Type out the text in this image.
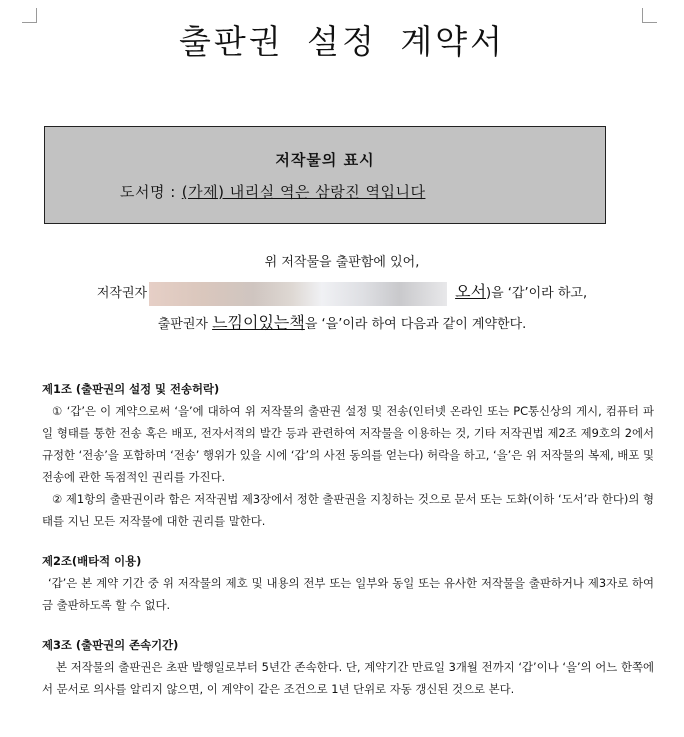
출판권 설정 계약서
저작물의 표시
도서명 : (가제) 내리실 역은 삼랑진 역입니다
위 저작물을 출판함에 있어,
저작권자	오서)을 ‘갑’이라 하고,
출판권자 느낌이있는책을 ‘을’이라 하여 다음과 같이 계약한다.
제1조 (출판권의 설정 및 전송허락)
① ‘갑’은 이 계약으로써 ‘을’에 대하여 위 저작물의 출판권 설정 및 전송(인터넷 온라인 또는 PC통신상의 게시, 컴퓨터 파일 형태를 통한 전송 혹은 배포, 전자서적의 발간 등과 관련하여 저작물을 이용하는 것, 기타 저작권법 제2조 제9호의 2에서 규정한 ‘전송’을 포함하며 ‘전송’ 행위가 있을 시에 ‘갑’의 사전 동의를 얻는다) 허락을 하고, ‘을’은 위 저작물의 복제, 배포 및 전송에 관한 독점적인 권리를 가진다.
② 제1항의 출판권이라 함은 저작권법 제3장에서 정한 출판권을 지칭하는 것으로 문서 또는 도화(이하 ‘도서’라 한다)의 형태를 지닌 모든 저작물에 대한 권리를 말한다.
제2조(배타적 이용)
‘갑’은 본 계약 기간 중 위 저작물의 제호 및 내용의 전부 또는 일부와 동일 또는 유사한 저작물을 출판하거나 제3자로 하여금 출판하도록 할 수 없다.
제3조 (출판권의 존속기간)
본 저작물의 출판권은 초판 발행일로부터 5년간 존속한다. 단, 계약기간 만료일 3개월 전까지 ‘갑’이나 ‘을’의 어느 한쪽에서 문서로 의사를 알리지 않으면, 이 계약이 같은 조건으로 1년 단위로 자동 갱신된 것으로 본다.
